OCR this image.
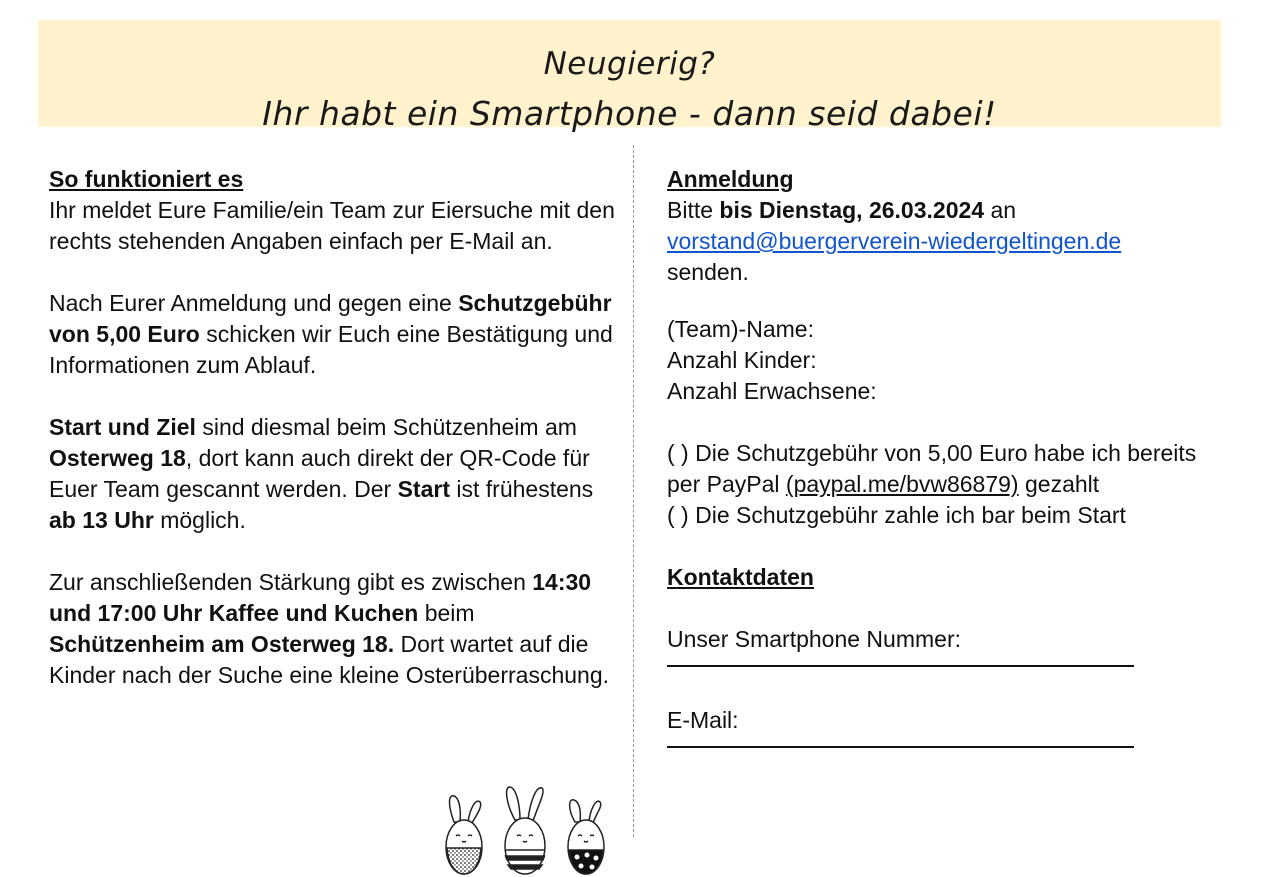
Neugierig?
Ihr habt ein Smartphone - dann seid dabei!

So funktioniert es

Ihr meldet Eure Familie/ein Team zur Eiersuche mit den rechts stehenden Angaben einfach per E-Mail an.

Nach Eurer Anmeldung und gegen eine Schutzgebühr von 5,00 Euro schicken wir Euch eine Bestätigung und Informationen zum Ablauf.

Start und Ziel sind diesmal beim Schützenheim am Osterweg 18, dort kann auch direkt der QR-Code für Euer Team gescannt werden. Der Start ist frühestens ab 13 Uhr möglich.

Zur anschließenden Stärkung gibt es zwischen 14:30 und 17:00 Uhr Kaffee und Kuchen beim Schützenheim am Osterweg 18. Dort wartet auf die Kinder nach der Suche eine kleine Osterüberraschung.

Anmeldung

Bitte bis Dienstag, 26.03.2024 an
vorstand@buergerverein-wiedergeltingen.de
senden.

(Team)-Name:

Anzahl Kinder:

Anzahl Erwachsene:

( ) Die Schutzgebühr von 5,00 Euro habe ich bereits per PayPal (paypal.me/bvw86879) gezahlt

( ) Die Schutzgebühr zahle ich bar beim Start

Kontaktdaten

Unser Smartphone Nummer:

E-Mail:
